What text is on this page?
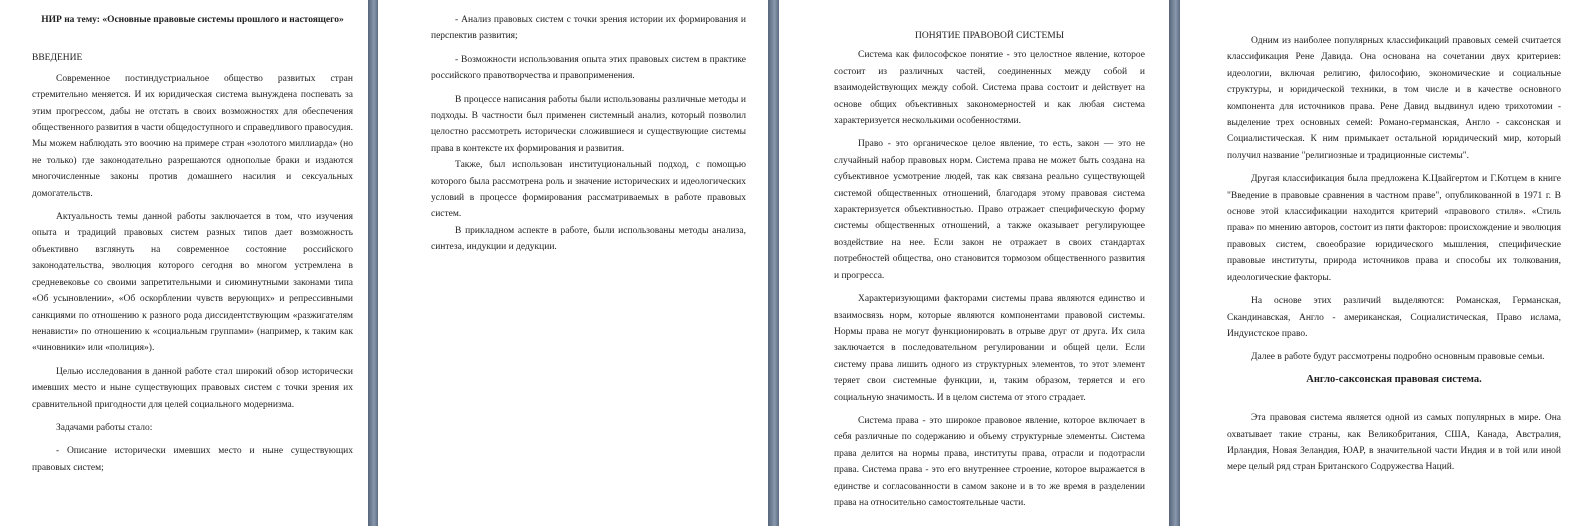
НИР на тему: «Основные правовые системы прошлого и настоящего»
ВВЕДЕНИЕ

Современное постиндустриальное общество развитых стран стремительно меняется. И их юридическая система вынуждена поспевать за этим прогрессом, дабы не отстать в своих возможностях для обеспечения общественного развития в части общедоступного и справедливого правосудия. Мы можем наблюдать это воочию на примере стран «золотого миллиарда» (но не только) где законодательно разрешаются однополые браки и издаются многочисленные законы против домашнего насилия и сексуальных домогательств.

Актуальность темы данной работы заключается в том, что изучения опыта и традиций правовых систем разных типов дает возможность объективно взглянуть на современное состояние российского законодательства, эволюция которого сегодня во многом устремлена в средневековье со своими запретительными и сиюминутными законами типа «Об усыновлении», «Об оскорблении чувств верующих» и репрессивными санкциями по отношению к разного рода диссидентствующим «разжигателям ненависти» по отношению к «социальным группами» (например, к таким как «чиновники» или «полиция»).

Целью исследования в данной работе стал широкий обзор исторически имевших место и ныне существующих правовых систем с точки зрения их сравнительной пригодности для целей социального модернизма.

Задачами работы стало:

- Описание исторически имевших место и ныне существующих правовых систем;

- Анализ правовых систем с точки зрения истории их формирования и перспектив развития;

- Возможности использования опыта этих правовых систем в практике российского правотворчества и правоприменения.

В процессе написания работы были использованы различные методы и подходы. В частности был применен системный анализ, который позволил целостно рассмотреть исторически сложившиеся и существующие системы права в контексте их формирования и развития.

Также, был использован институциональный подход, с помощью которого была рассмотрена роль и значение исторических и идеологических условий в процессе формирования рассматриваемых в работе правовых систем.

В прикладном аспекте в работе, были использованы методы анализа, синтеза, индукции и дедукции.

ПОНЯТИЕ ПРАВОВОЙ СИСТЕМЫ

Система как философское понятие - это целостное явление, которое состоит из различных частей, соединенных между собой и взаимодействующих между собой. Система права состоит и действует на основе общих объективных закономерностей и как любая система характеризуется несколькими особенностями.

Право - это органическое целое явление, то есть, закон — это не случайный набор правовых норм. Система права не может быть создана на субъективное усмотрение людей, так как связана реально существующей системой общественных отношений, благодаря этому правовая система характеризуется объективностью. Право отражает специфическую форму системы общественных отношений, а также оказывает регулирующее воздействие на нее. Если закон не отражает в своих стандартах потребностей общества, оно становится тормозом общественного развития и прогресса.

Характеризующими факторами системы права являются единство и взаимосвязь норм, которые являются компонентами правовой системы. Нормы права не могут функционировать в отрыве друг от друга. Их сила заключается в последовательном регулировании и общей цели. Если систему права лишить одного из структурных элементов, то этот элемент теряет свои системные функции, и, таким образом, теряется и его социальную значимость. И в целом система от этого страдает.

Система права - это широкое правовое явление, которое включает в себя различные по содержанию и объему структурные элементы. Система права делится на нормы права, институты права, отрасли и подотрасли права. Система права - это его внутреннее строение, которое выражается в единстве и согласованности в самом законе и в то же время в разделении права на относительно самостоятельные части.

Одним из наиболее популярных классификаций правовых семей считается классификация Рене Давида. Она основана на сочетании двух критериев: идеологии, включая религию, философию, экономические и социальные структуры, и юридической техники, в том числе и в качестве основного компонента для источников права. Рене Давид выдвинул идею трихотомии - выделение трех основных семей: Романо-германская, Англо - саксонская и Социалистическая. К ним примыкает остальной юридический мир, который получил название "религиозные и традиционные системы".

Другая классификация была предложена К.Цвайгертом и Г.Котцем в книге "Введение в правовые сравнения в частном праве", опубликованной в 1971 г. В основе этой классификации находится критерий «правового стиля». «Стиль права» по мнению авторов, состоит из пяти факторов: происхождение и эволюция правовых систем, своеобразие юридического мышления, специфические правовые институты, природа источников права и способы их толкования, идеологические факторы.

На основе этих различий выделяются: Романская, Германская, Скандинавская, Англо - американская, Социалистическая, Право ислама, Индуистское право.

Далее в работе будут рассмотрены подробно основным правовые семьи.

Англо-саксонская правовая система.

Эта правовая система является одной из самых популярных в мире. Она охватывает такие страны, как Великобритания, США, Канада, Австралия, Ирландия, Новая Зеландия, ЮАР, в значительной части Индия и в той или иной мере целый ряд стран Британского Содружества Наций.
